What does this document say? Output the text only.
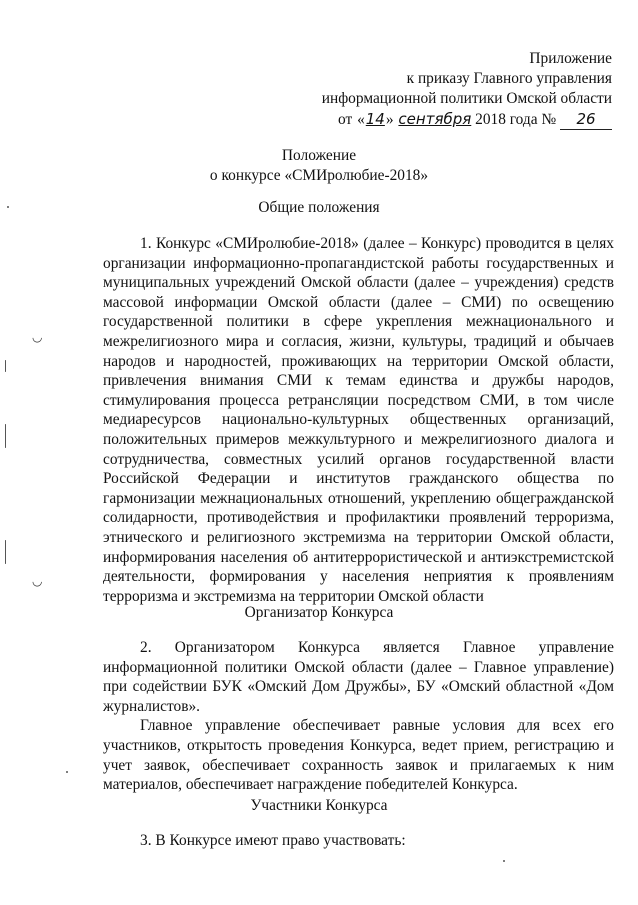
Приложение
к приказу Главного управления
информационной политики Омской области
от «14» сентября 2018 года № 26
Положение
о конкурсе «СМИролюбие-2018»
Общие положения

1. Конкурс «СМИролюбие-2018» (далее – Конкурс) проводится в целях организации информационно-пропагандистской работы государственных и муниципальных учреждений Омской области (далее – учреждения) средств массовой информации Омской области (далее – СМИ) по освещению государственной политики в сфере укрепления межнационального и межрелигиозного мира и согласия, жизни, культуры, традиций и обычаев народов и народностей, проживающих на территории Омской области, привлечения внимания СМИ к темам единства и дружбы народов, стимулирования процесса ретрансляции посредством СМИ, в том числе медиаресурсов национально-культурных общественных организаций, положительных примеров межкультурного и межрелигиозного диалога и сотрудничества, совместных усилий органов государственной власти Российской Федерации и институтов гражданского общества по гармонизации межнациональных отношений, укреплению общегражданской солидарности, противодействия и профилактики проявлений терроризма, этнического и религиозного экстремизма на территории Омской области, информирования населения об антитеррористической и антиэкстремистской деятельности, формирования у населения неприятия к проявлениям терроризма и экстремизма на территории Омской области

Организатор Конкурса

2. Организатором Конкурса является Главное управление информационной политики Омской области (далее – Главное управление) при содействии БУК «Омский Дом Дружбы», БУ «Омский областной «Дом журналистов».

Главное управление обеспечивает равные условия для всех его участников, открытость проведения Конкурса, ведет прием, регистрацию и учет заявок, обеспечивает сохранность заявок и прилагаемых к ним материалов, обеспечивает награждение победителей Конкурса.

Участники Конкурса

3. В Конкурсе имеют право участвовать:

◡
◡
